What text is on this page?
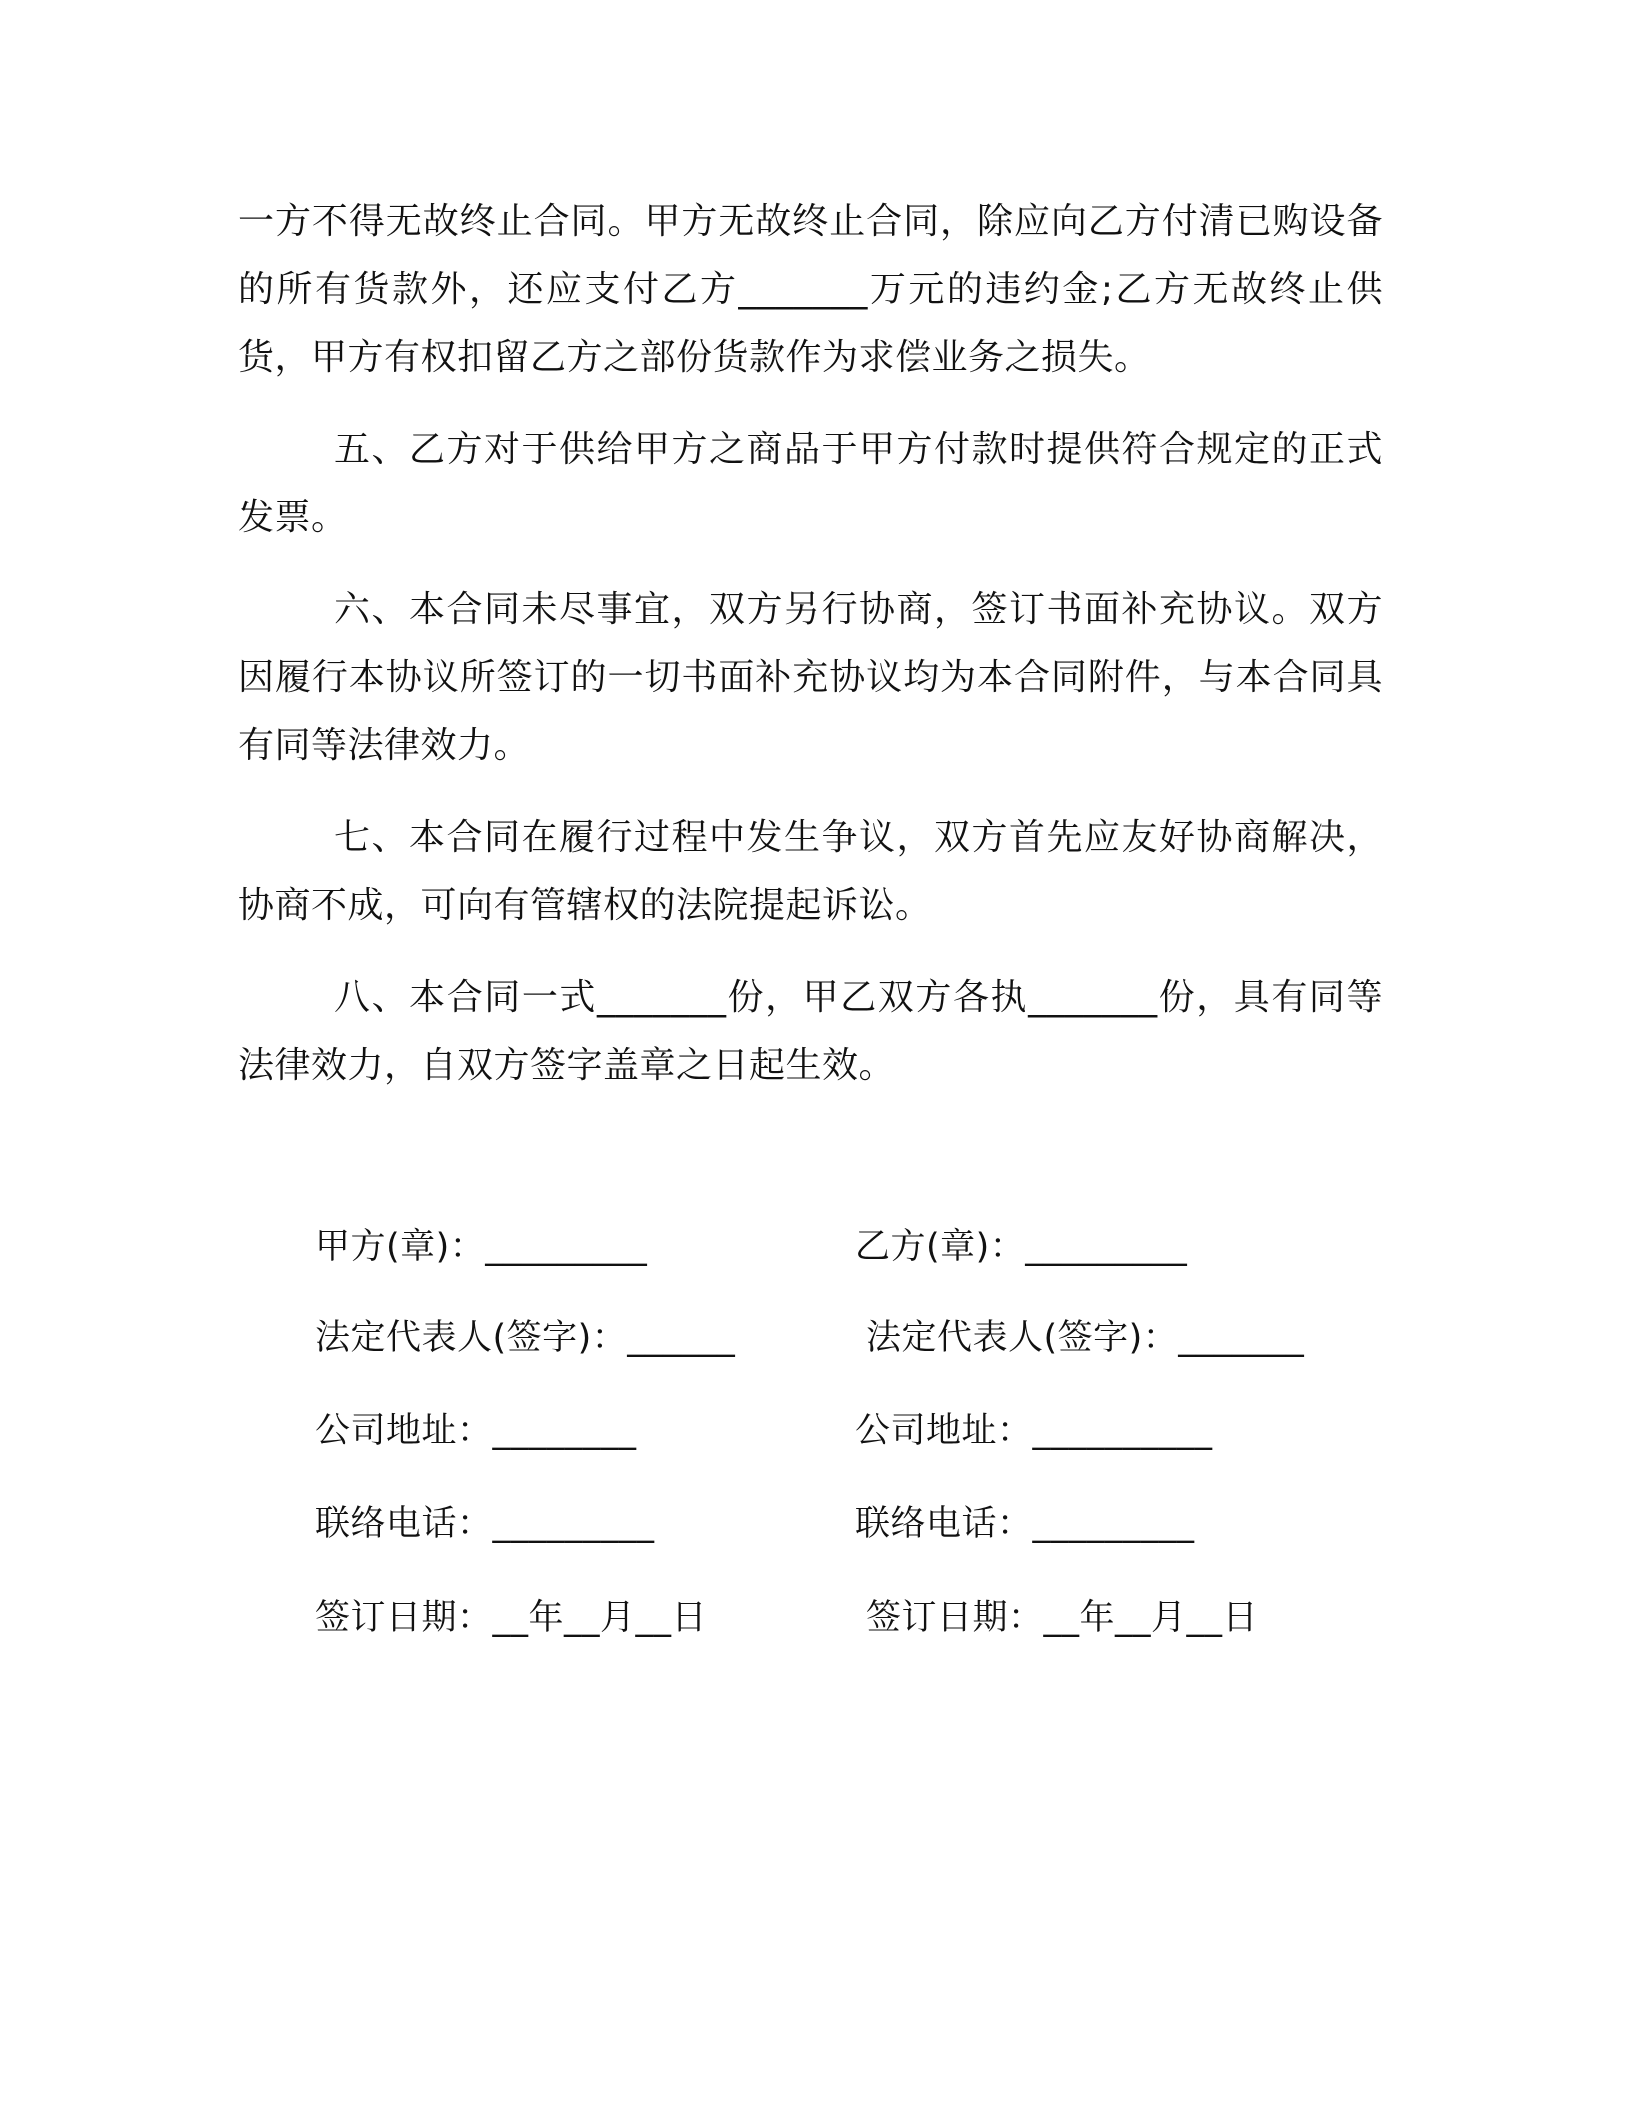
一方不得无故终止合同。甲方无故终止合同，除应向乙方付清已购设备的所有货款外，还应支付乙方_______万元的违约金;乙方无故终止供货，甲方有权扣留乙方之部份货款作为求偿业务之损失。

五、乙方对于供给甲方之商品于甲方付款时提供符合规定的正式发票。

六、本合同未尽事宜，双方另行协商，签订书面补充协议。双方因履行本协议所签订的一切书面补充协议均为本合同附件，与本合同具有同等法律效力。

七、本合同在履行过程中发生争议，双方首先应友好协商解决，协商不成，可向有管辖权的法院提起诉讼。

八、本合同一式_______份，甲乙双方各执_______份，具有同等法律效力，自双方签字盖章之日起生效。

甲方(章)：_________	乙方(章)：_________
法定代表人(签字)：______	法定代表人(签字)：_______
公司地址：________	公司地址：__________
联络电话：_________	联络电话：_________
签订日期：__年__月__日	签订日期：__年__月__日
